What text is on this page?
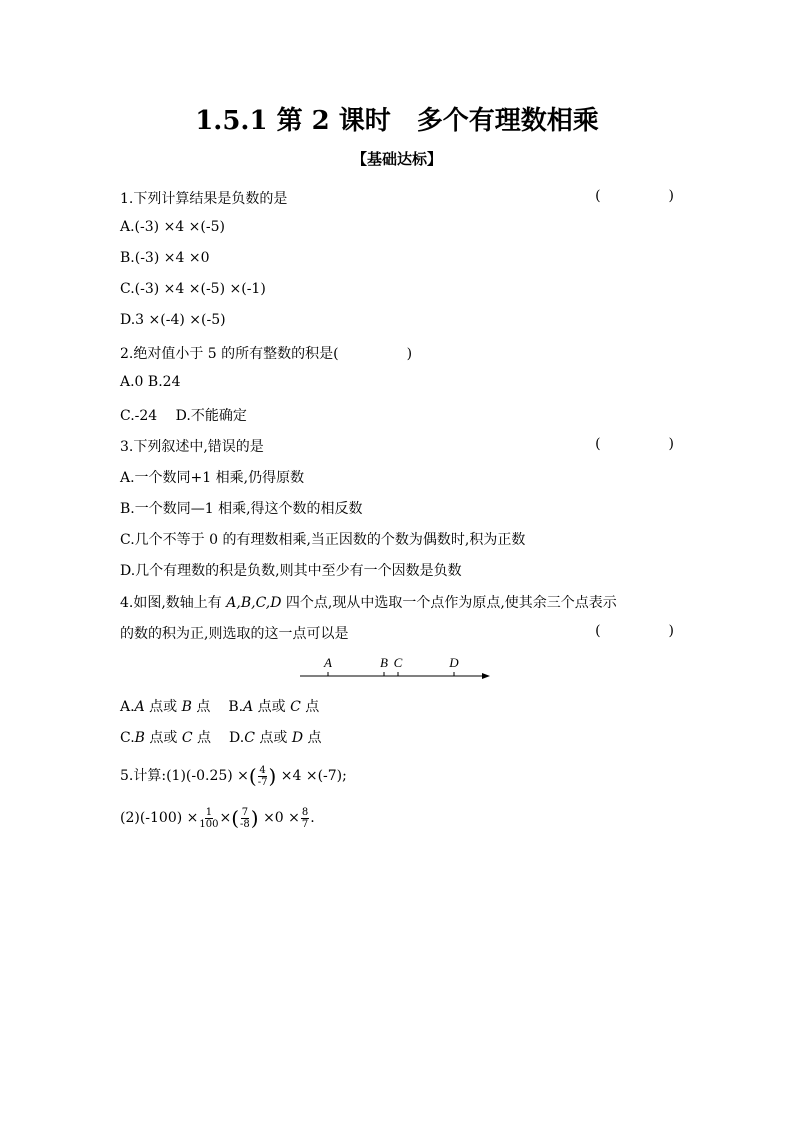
1.5.1 第 2 课时　多个有理数相乘
【基础达标】
1.下列计算结果是负数的是	(	)
A.(-3) ×4 ×(-5)
B.(-3) ×4 ×0
C.(-3) ×4 ×(-5) ×(-1)
D.3 ×(-4) ×(-5)
2.绝对值小于 5 的所有整数的积是(	)
A.0 B.24
C.-24　 D.不能确定
3.下列叙述中,错误的是	(	)
A.一个数同+1 相乘,仍得原数
B.一个数同—1 相乘,得这个数的相反数
C.几个不等于 0 的有理数相乘,当正因数的个数为偶数时,积为正数
D.几个有理数的积是负数,则其中至少有一个因数是负数
4.如图,数轴上有 A,B,C,D 四个点,现从中选取一个点作为原点,使其余三个点表示
的数的积为正,则选取的这一点可以是	(	)
A	B C	D
A.A 点或 B 点 B.A 点或 C 点
C.B 点或 C 点 D.C 点或 D 点
5.计算:(1)(-0.25) ×( $\frac{4}{-7}$ ) ×4 ×(-7);
$(2)(-100) \times \frac{1}{100}$ ×( $\frac{7}{-8}$ ) $\times 0 \times \frac{8}{7}$ .
